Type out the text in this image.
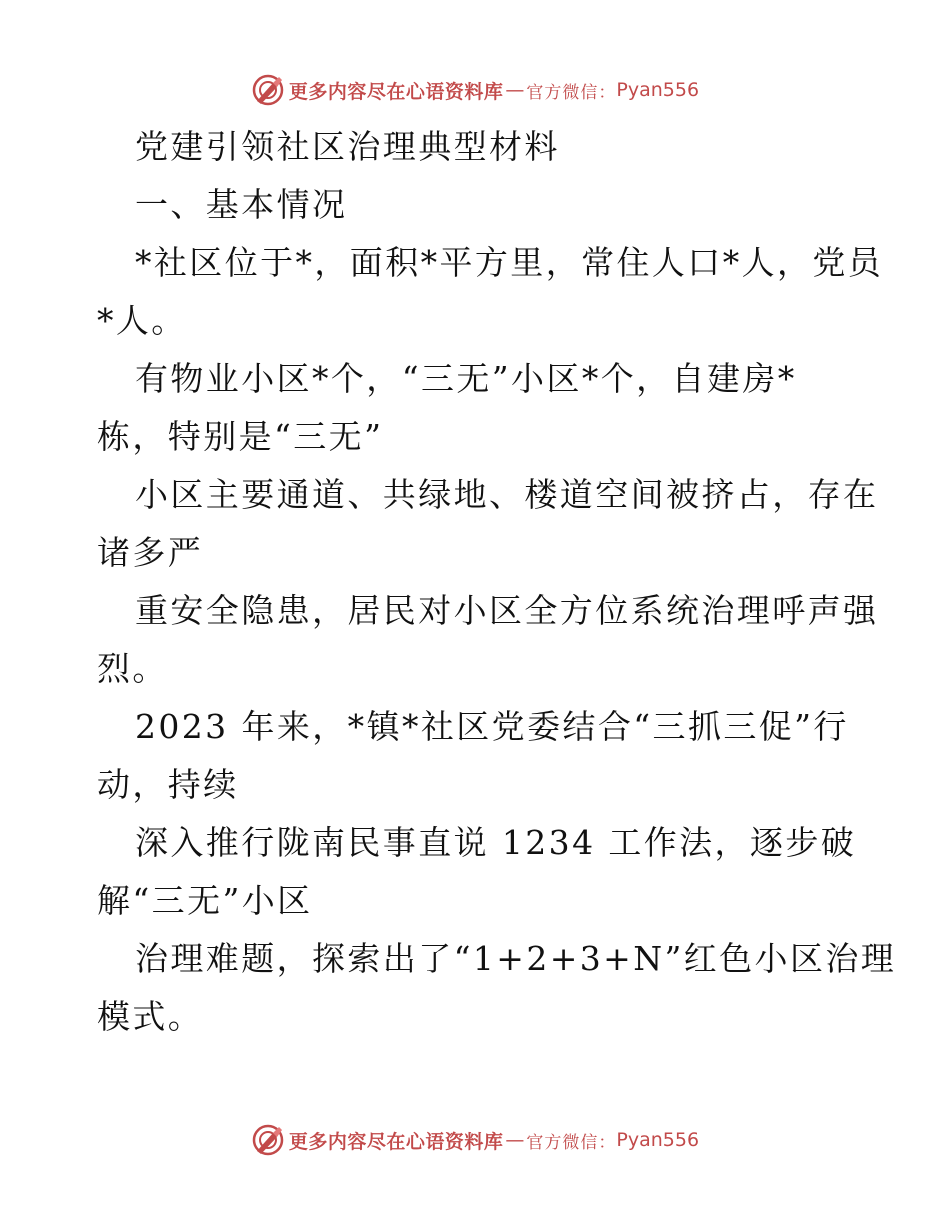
更多内容尽在心语资料库 — 官方微信： Pyan556
党建引领社区治理典型材料
一、基本情况
*社区位于*，面积*平方里，常住人口*人，党员
*人。
有物业小区*个，“三无”小区*个，自建房*
栋，特别是“三无”
小区主要通道、共绿地、楼道空间被挤占，存在
诸多严
重安全隐患，居民对小区全方位系统治理呼声强
烈。
2023 年来，*镇*社区党委结合“三抓三促”行
动，持续
深入推行陇南民事直说 1234 工作法，逐步破
解“三无”小区
治理难题，探索出了“1+2+3+N”红色小区治理
模式。
更多内容尽在心语资料库 — 官方微信： Pyan556
